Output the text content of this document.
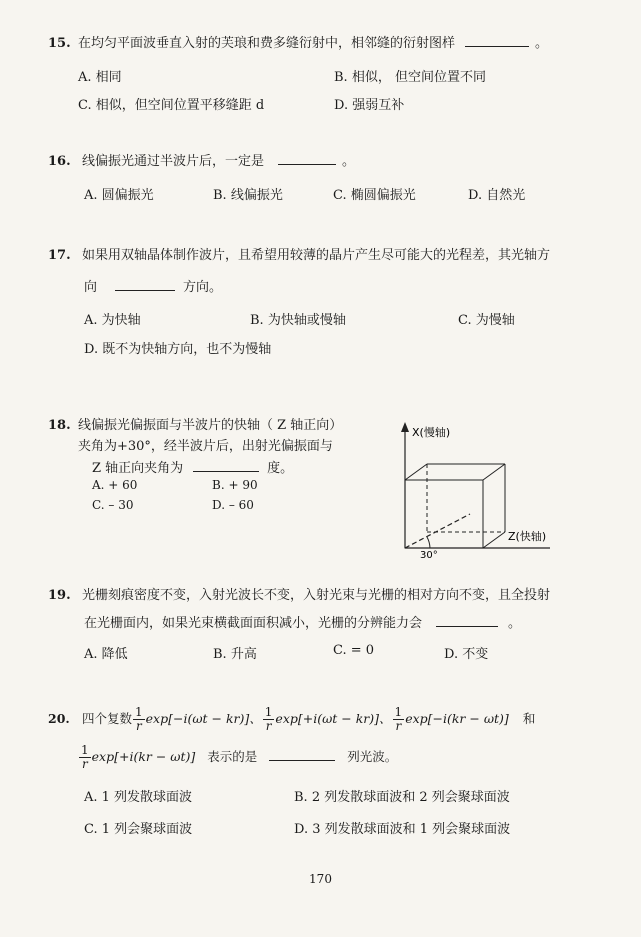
15. 在均匀平面波垂直入射的芙琅和费多缝衍射中，相邻缝的衍射图样	。
A. 相同	B. 相似， 但空间位置不同
C. 相似，但空间位置平移缝距 d	D. 强弱互补
16. 线偏振光通过半波片后，一定是	。
A. 圆偏振光	B. 线偏振光	C. 椭圆偏振光	D. 自然光
17. 如果用双轴晶体制作波片，且希望用较薄的晶片产生尽可能大的光程差，其光轴方
向	方向。
A. 为快轴	B. 为快轴或慢轴	C. 为慢轴
D. 既不为快轴方向，也不为慢轴
18. 线偏振光偏振面与半波片的快轴（ Z 轴正向）
夹角为+30°，经半波片后，出射光偏振面与
Z 轴正向夹角为	度。
A. + 60	B. + 90
C. – 30	D. – 60
X(慢轴)
Z(快轴)
30°
19. 光栅刻痕密度不变，入射光波长不变，入射光束与光栅的相对方向不变，且全投射
在光栅面内，如果光束横截面面积减小，光栅的分辨能力会	。
A. 降低	B. 升高	C. = 0	D. 不变
20. 四个复数 $\frac{1}{r} \exp[-i(\omega t - kr)]$、 $\frac{1}{r} \exp[+i(\omega t - kr)]$、 $\frac{1}{r} \exp[-i(kr - \omega t)]$ 和
$\frac{1}{r} \exp[+i(kr - \omega t)]$ 表示的是	列光波。
A. 1 列发散球面波	B. 2 列发散球面波和 2 列会聚球面波
C. 1 列会聚球面波	D. 3 列发散球面波和 1 列会聚球面波
170
